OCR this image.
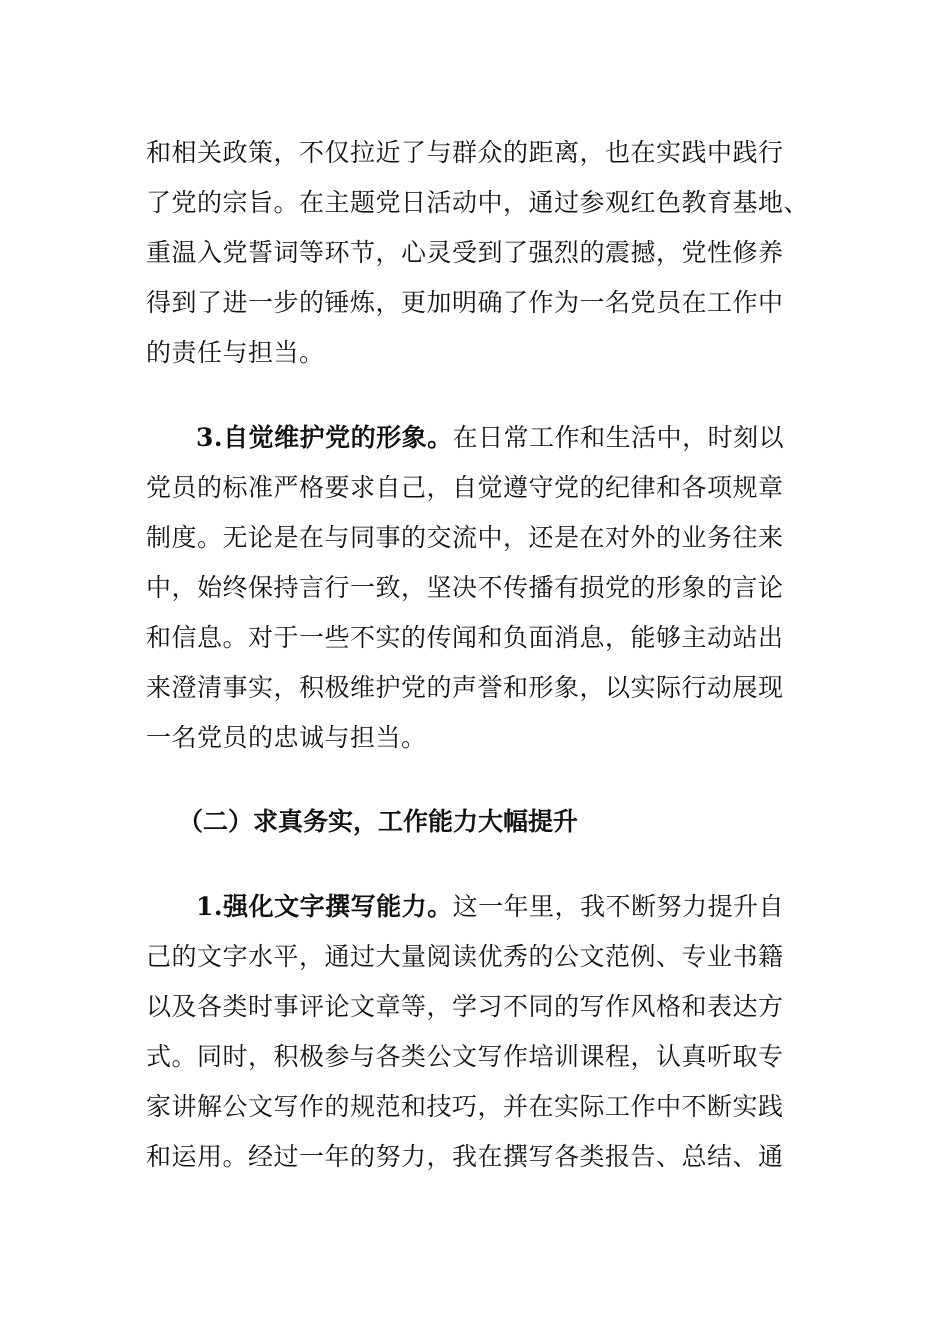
和相关政策，不仅拉近了与群众的距离，也在实践中践行
了党的宗旨。在主题党日活动中，通过参观红色教育基地、
重温入党誓词等环节，心灵受到了强烈的震撼，党性修养
得到了进一步的锤炼，更加明确了作为一名党员在工作中
的责任与担当。
3.自觉维护党的形象。在日常工作和生活中，时刻以
党员的标准严格要求自己，自觉遵守党的纪律和各项规章
制度。无论是在与同事的交流中，还是在对外的业务往来
中，始终保持言行一致，坚决不传播有损党的形象的言论
和信息。对于一些不实的传闻和负面消息，能够主动站出
来澄清事实，积极维护党的声誉和形象，以实际行动展现
一名党员的忠诚与担当。
（二）求真务实，工作能力大幅提升
1.强化文字撰写能力。这一年里，我不断努力提升自
己的文字水平，通过大量阅读优秀的公文范例、专业书籍
以及各类时事评论文章等，学习不同的写作风格和表达方
式。同时，积极参与各类公文写作培训课程，认真听取专
家讲解公文写作的规范和技巧，并在实际工作中不断实践
和运用。经过一年的努力，我在撰写各类报告、总结、通
